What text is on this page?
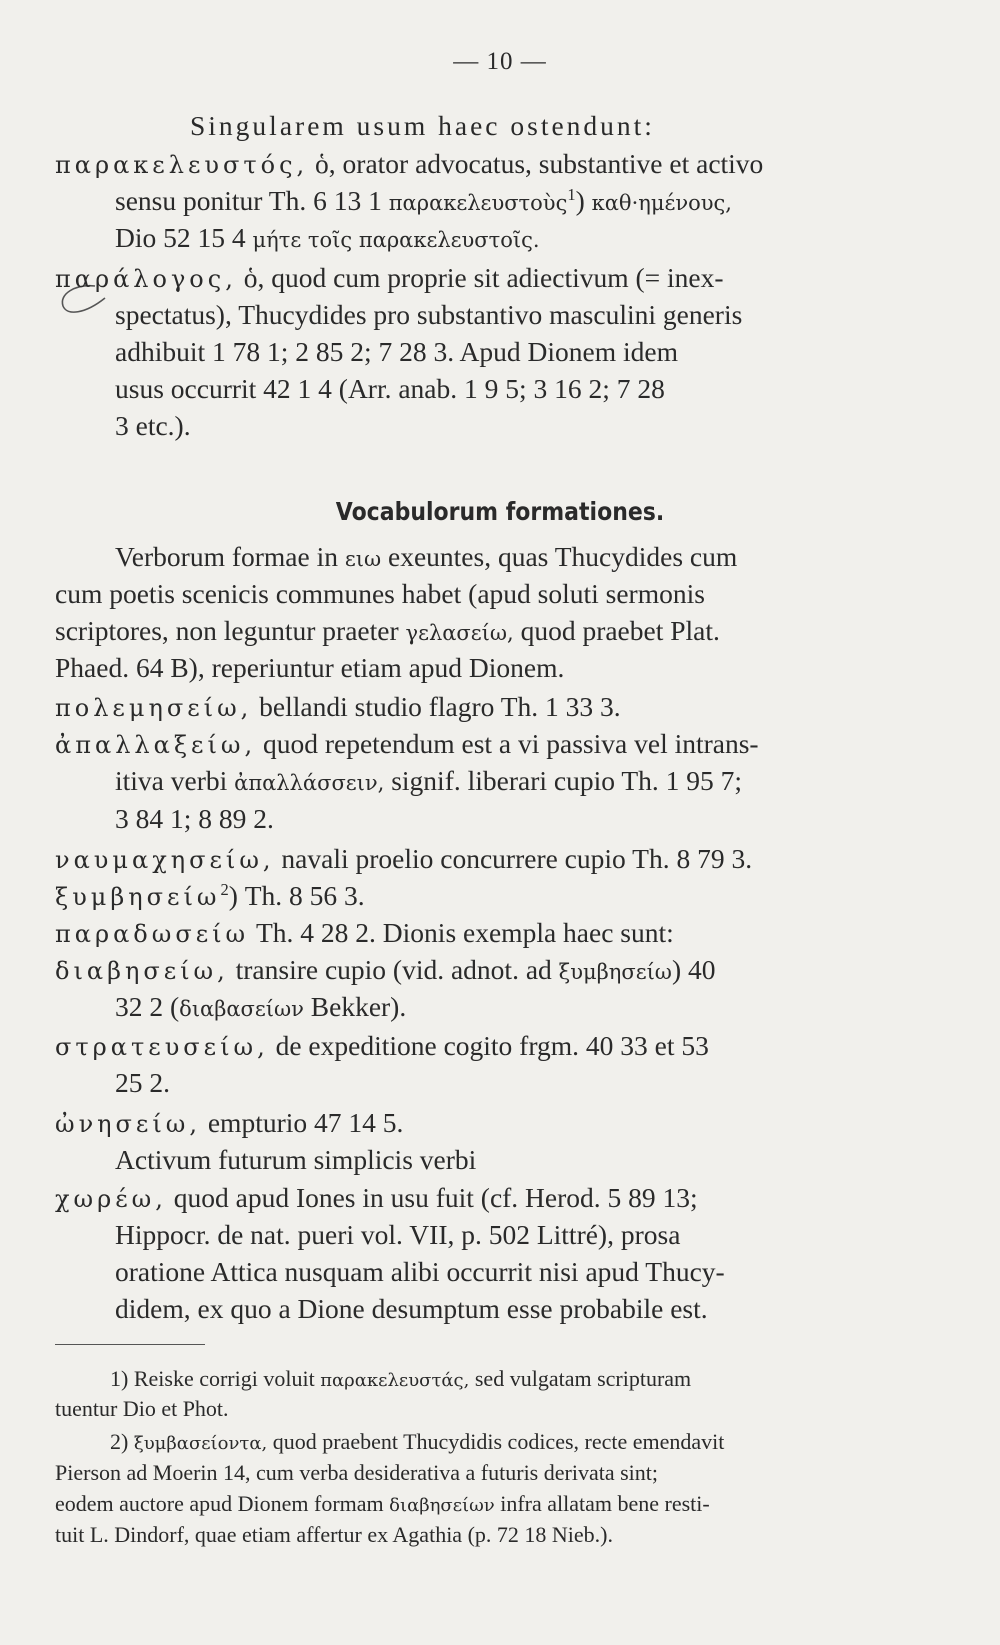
— 10 —
Singularem usum haec ostendunt:
παρακελευστός, ὁ, orator advocatus, substantive et activo
sensu ponitur Th. 6 13 1 παρακελευστοὺς$^1$) καθ·ημένους,
Dio 52 15 4 μήτε τοῖς παρακελευστοῖς.
παράλογος, ὁ, quod cum proprie sit adiectivum (= inex-
spectatus), Thucydides pro substantivo masculini generis
adhibuit 1 78 1; 2 85 2; 7 28 3. Apud Dionem idem
usus occurrit 42 1 4 (Arr. anab. 1 9 5; 3 16 2; 7 28
3 etc.).
Vocabulorum formationes.
Verborum formae in ειω exeuntes, quas Thucydides cum
cum poetis scenicis communes habet (apud soluti sermonis
scriptores, non leguntur praeter γελασείω, quod praebet Plat.
Phaed. 64 B), reperiuntur etiam apud Dionem.
πολεμησείω, bellandi studio flagro Th. 1 33 3.
ἀπαλλαξείω, quod repetendum est a vi passiva vel intrans-
itiva verbi ἀπαλλάσσειν, signif. liberari cupio Th. 1 95 7;
3 84 1; 8 89 2.
ναυμαχησείω, navali proelio concurrere cupio Th. 8 79 3.
ξυμβησείω$^2$) Th. 8 56 3.
παραδωσείω Th. 4 28 2. Dionis exempla haec sunt:
διαβησείω, transire cupio (vid. adnot. ad ξυμβησείω) 40
32 2 (διαβασείων Bekker).
στρατευσείω, de expeditione cogito frgm. 40 33 et 53
25 2.
ὠνησείω, empturio 47 14 5.
Activum futurum simplicis verbi
χωρέω, quod apud Iones in usu fuit (cf. Herod. 5 89 13;
Hippocr. de nat. pueri vol. VII, p. 502 Littré), prosa
oratione Attica nusquam alibi occurrit nisi apud Thucy-
didem, ex quo a Dione desumptum esse probabile est.
1) Reiske corrigi voluit παρακελευστάς, sed vulgatam scripturam
tuentur Dio et Phot.
2) ξυμβασείοντα, quod praebent Thucydidis codices, recte emendavit
Pierson ad Moerin 14, cum verba desiderativa a futuris derivata sint;
eodem auctore apud Dionem formam διαβησείων infra allatam bene resti-
tuit L. Dindorf, quae etiam affertur ex Agathia (p. 72 18 Nieb.).
